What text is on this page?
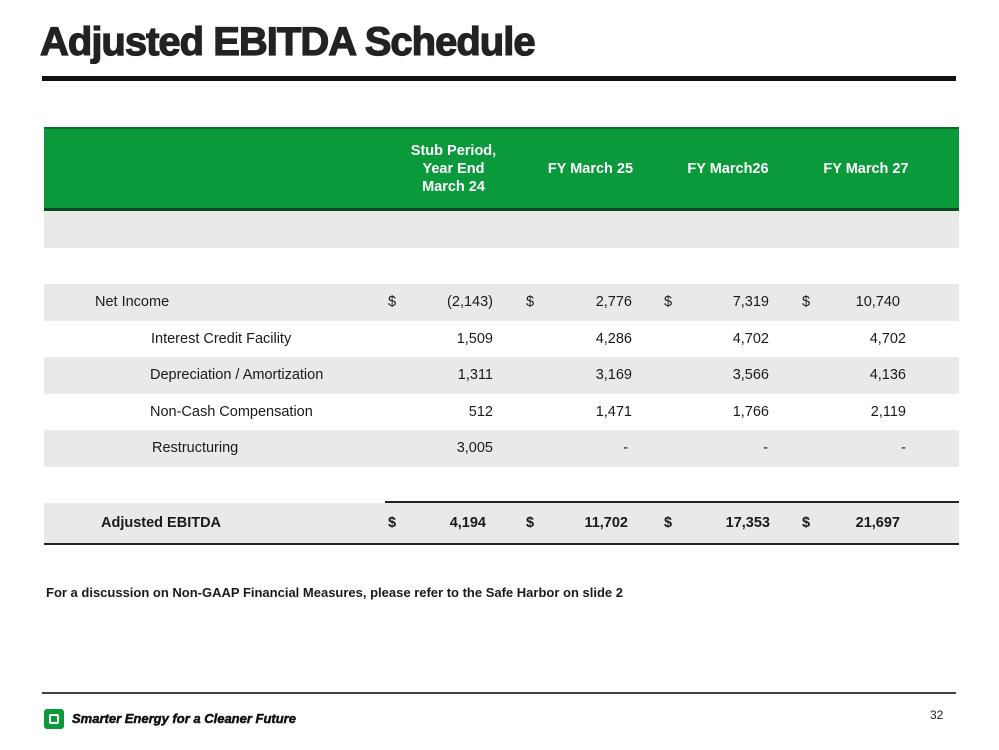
Adjusted EBITDA Schedule
Stub Period,
Year End
March 24
FY March 25	FY March26	FY March 27
Net Income	$	(2,143) $	2,776 $	7,319 $	10,740
Interest Credit Facility	1,509	4,286	4,702	4,702
Depreciation / Amortization	1,311	3,169	3,566	4,136
Non-Cash Compensation	512	1,471	1,766	2,119
Restructuring	3,005	-	-	-
Adjusted EBITDA	$	4,194	$	11,702 $	17,353 $	21,697
For a discussion on Non-GAAP Financial Measures, please refer to the Safe Harbor on slide 2
Smarter Energy for a Cleaner Future	32
